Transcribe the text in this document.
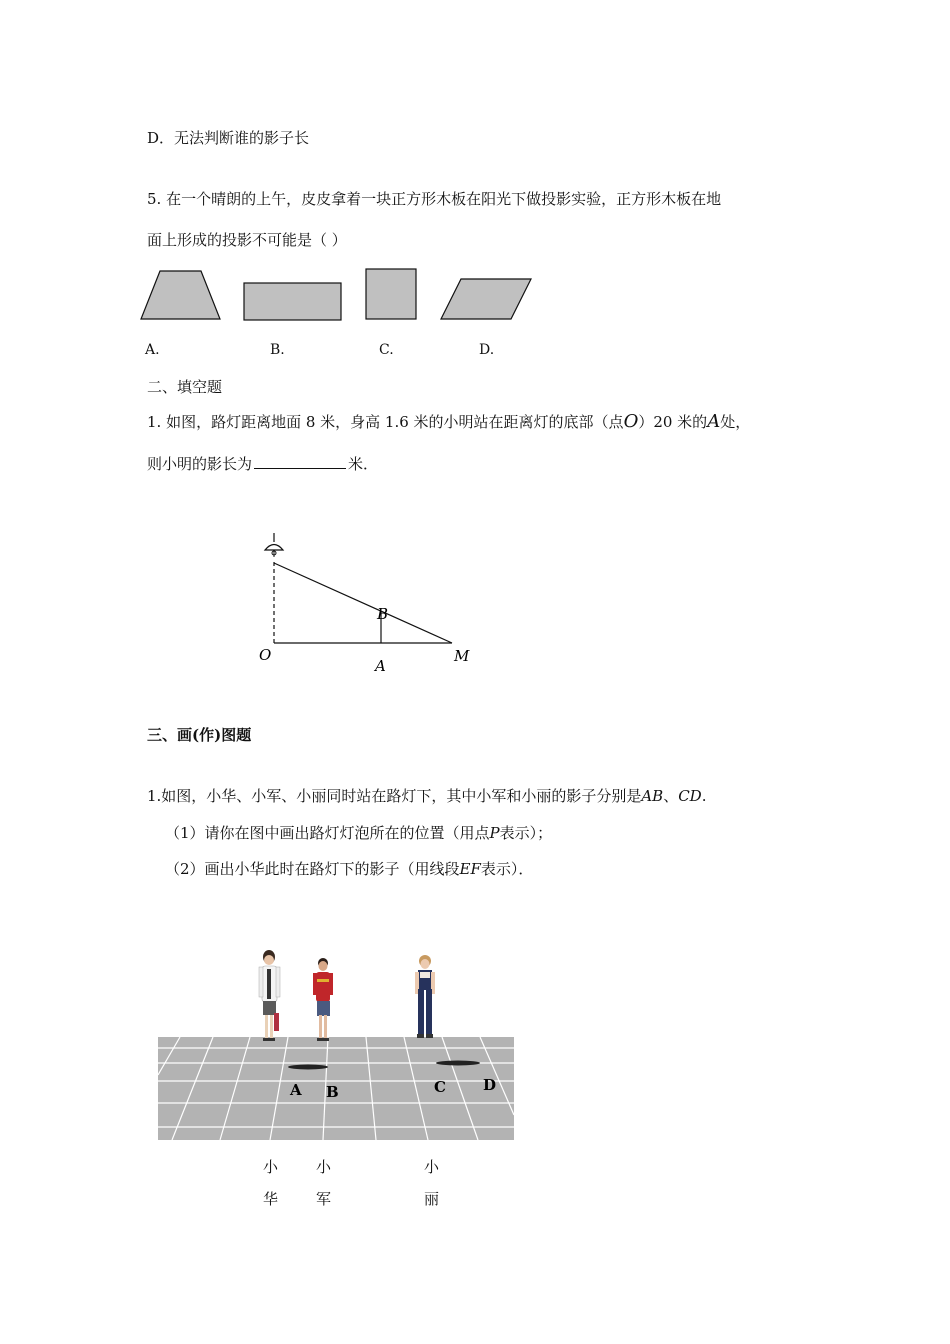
D．无法判断谁的影子长
5. 在一个晴朗的上午，皮皮拿着一块正方形木板在阳光下做投影实验，正方形木板在地
面上形成的投影不可能是（ ）
A.	B.	C.	D.
二、填空题
1. 如图，路灯距离地面 8 米，身高 1.6 米的小明站在距离灯的底部（点O）20 米的A处，
则小明的影长为	米．
O
A
B
M
三、画(作)图题
1.如图，小华、小军、小丽同时站在路灯下，其中小军和小丽的影子分别是AB、CD.
（1）请你在图中画出路灯灯泡所在的位置（用点P表示）；
（2）画出小华此时在路灯下的影子（用线段EF表示）．
A B	C D
小
华
小
军
小
丽
